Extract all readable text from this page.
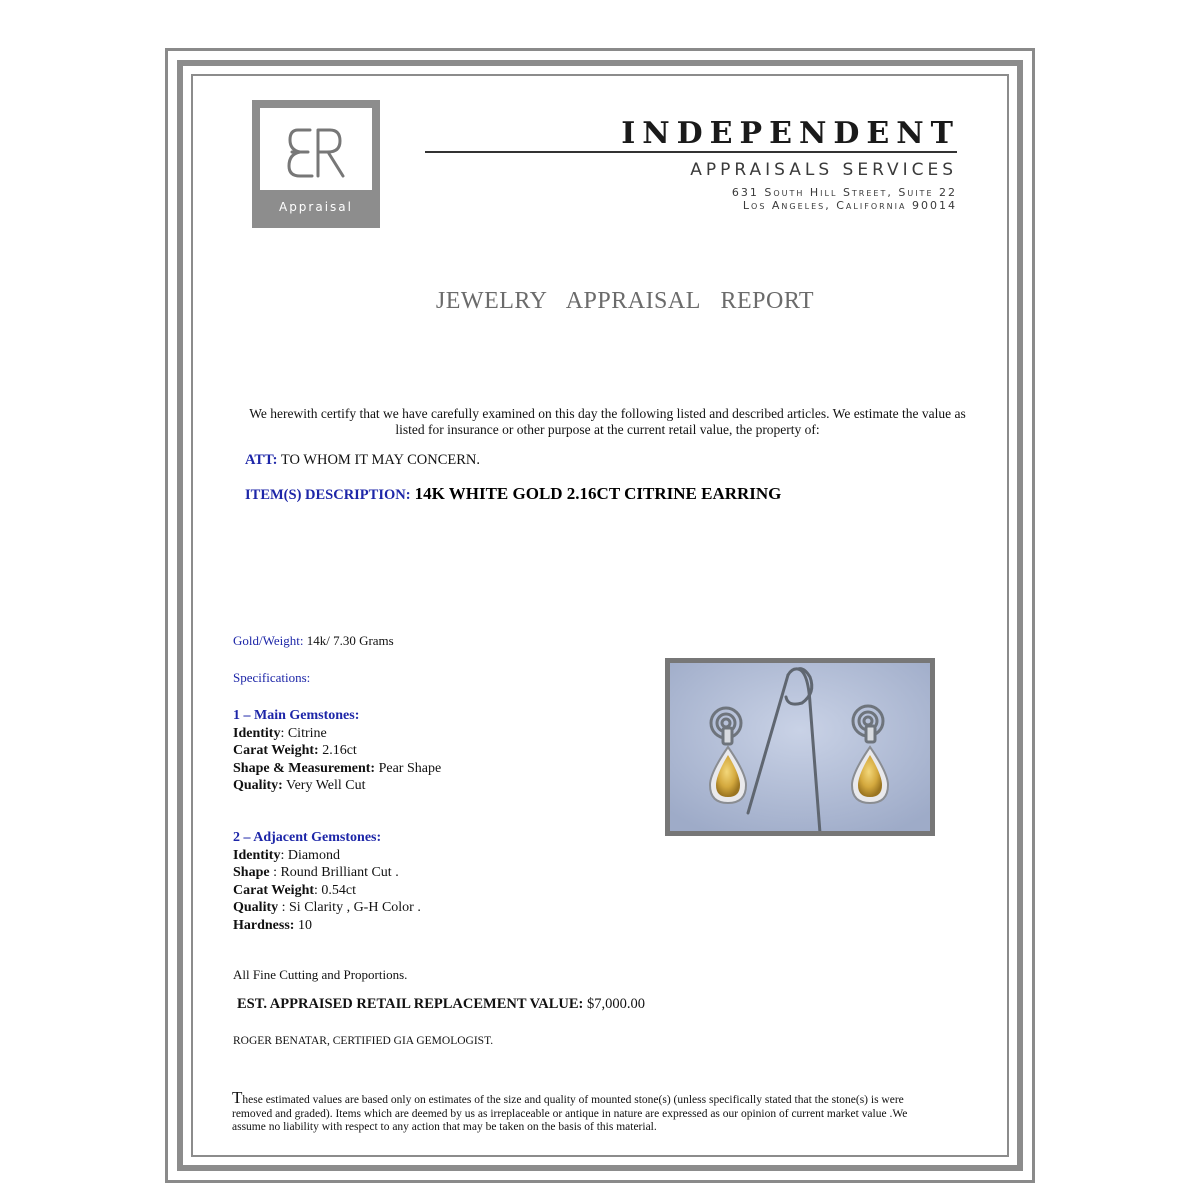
Appraisal
INDEPENDENT
APPRAISALS SERVICES
631 South Hill Street, Suite 22
Los Angeles, California 90014
JEWELRY APPRAISAL REPORT
We herewith certify that we have carefully examined on this day the following listed and described articles. We estimate the value as listed for insurance or other purpose at the current retail value, the property of:
ATT: TO WHOM IT MAY CONCERN.
ITEM(S) DESCRIPTION: 14K WHITE GOLD 2.16CT CITRINE EARRING
Gold/Weight: 14k/ 7.30 Grams
Specifications:
1 – Main Gemstones:
Identity: Citrine
Carat Weight: 2.16ct
Shape & Measurement: Pear Shape
Quality: Very Well Cut
2 – Adjacent Gemstones:
Identity: Diamond
Shape : Round Brilliant Cut .
Carat Weight: 0.54ct
Quality : Si Clarity , G-H Color .
Hardness: 10
All Fine Cutting and Proportions.
EST. APPRAISED RETAIL REPLACEMENT VALUE: $7,000.00
ROGER BENATAR, CERTIFIED GIA GEMOLOGIST.
These estimated values are based only on estimates of the size and quality of mounted stone(s) (unless specifically stated that the stone(s) is were removed and graded). Items which are deemed by us as irreplaceable or antique in nature are expressed as our opinion of current market value .We assume no liability with respect to any action that may be taken on the basis of this material.
